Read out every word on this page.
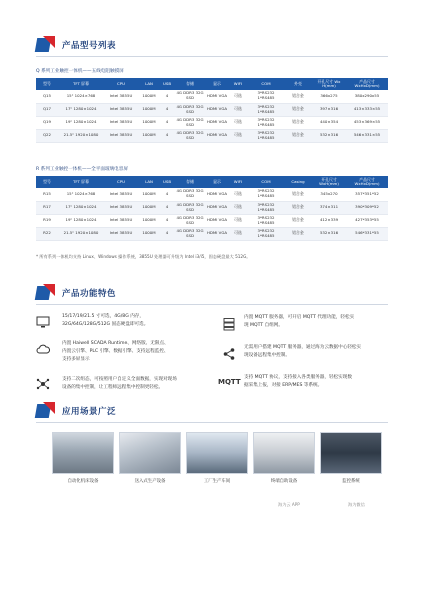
产品型号列表
Q 系列工业触控一体机——五线电阻触摸屏
型号	TFT 屏幕	CPU	LAN	USB	存储	显示	WIFI	COM	外壳	开孔尺寸 Wx H(mm)	产品尺寸 WxHxD(mm)
Q15	15" 1024×768	Intel 3855U	1000M	4	4G DDR3 32G SSD	HDMI VGA	可选	3*RS232 1*RS485	铝合金	366x275	380x290x55
Q17	17" 1280×1024	Intel 3855U	1000M	4	4G DDR3 32G SSD	HDMI VGA	可选	3*RS232 1*RS485	铝合金	397×316	413×333×55
Q19	19" 1280×1024	Intel 3855U	1000M	4	4G DDR3 32G SSD	HDMI VGA	可选	3*RS232 1*RS485	铝合金	440×354	453×369×55
Q22	21.5" 1920×1080	Intel 3855U	1000M	4	4G DDR3 32G SSD	HDMI VGA	可选	3*RS232 1*RS485	铝合金	532×316	546×331×55
R 系列工业触控一体机——全平面玻璃电容屏
型号	TFT 屏幕	CPU	LAN	USB	存储	显示	WIFI	COM	Casing	开孔尺寸 WxH(mm)	产品尺寸 WxHxD(mm)
R15	15" 1024×768	Intel 3855U	1000M	4	4G DDR3 32G SSD	HDMI VGA	可选	3*RS232 1*RS485	铝合金	345x270	357*351*52
R17	17" 1280×1024	Intel 3855U	1000M	4	4G DDR3 32G SSD	HDMI VGA	可选	3*RS232 1*RS485	铝合金	374×311	390*309*52
R19	19" 1280×1024	Intel 3855U	1000M	4	4G DDR3 32G SSD	HDMI VGA	可选	3*RS232 1*RS485	铝合金	412×339	427*353*55
R22	21.5" 1920×1080	Intel 3855U	1000M	4	4G DDR3 32G SSD	HDMI VGA	可选	3*RS232 1*RS485	铝合金	532×316	546*331*55
* 所有系列一体机均支持 Linux、Windows 操作系统，3855U 处理器可升级为 Intel i3/i5，固态硬盘最大 512G。
产品功能特色
15/17/19/21.5 寸可选，4G/8G 内存，
32G/64G/128G/512G 固态硬盘即可选。
内置 Haiwell SCADA Runtime、网络版、无限点、
内置云引擎、PLC 引擎、数据引擎、支持远程监控、
支持多屏显示
支持二次组态，可按照用户自定义全面数据，实现对现场
设备的集中控制，让工程师远程集中控制更轻松。
内置 MQTT 服务器，可开启 MQTT 代理功能，轻松实
现 MQTT 自组网。
无需用户搭建 MQTT 服务器，通过海为云数据中心轻松实
现设备远程集中控制。
MQTT
支持 MQTT 协议，支持接入各类服务器，轻松实现数
据采集上报，对接 ERP/MES 等系统。
应用场景广泛
自动化机床设备	送入式生产设备	工厂生产车间	终端自助设备	监控系统
海为云 APP	海为微信
